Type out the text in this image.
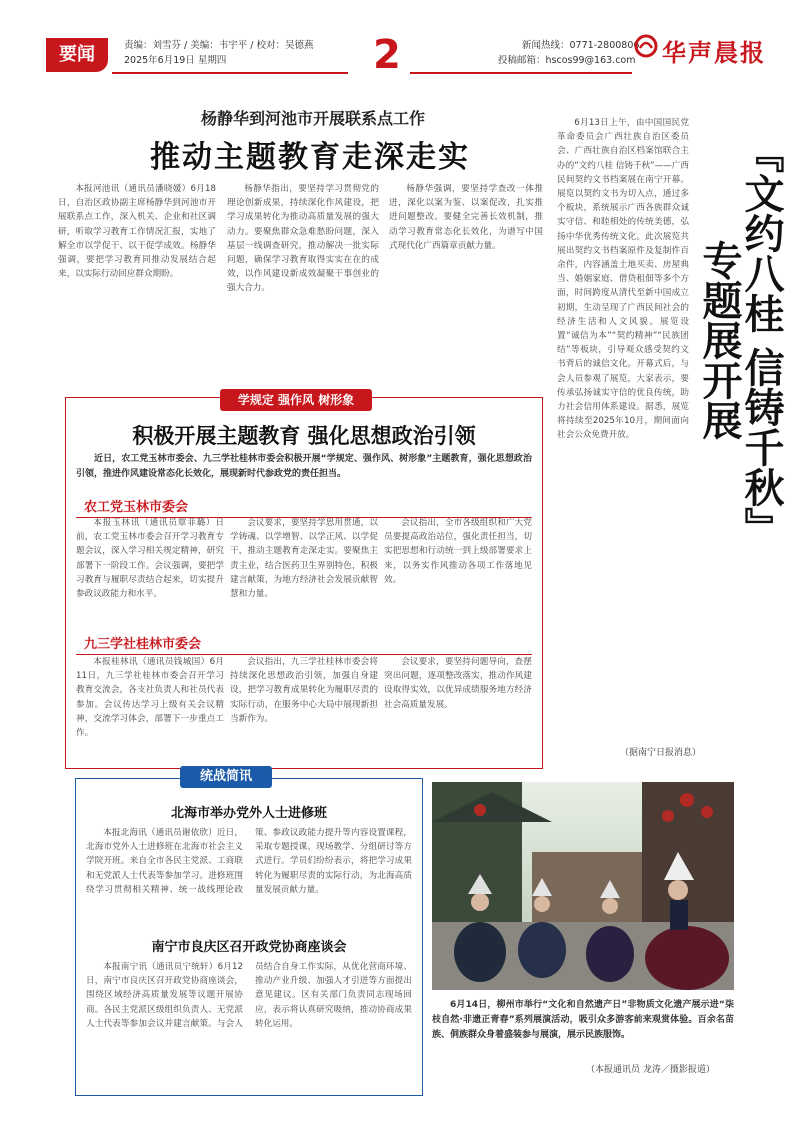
要闻	责编：刘雪芬 / 美编：韦宇平 / 校对：吴德燕
2025年6月19日 星期四	2	新闻热线：0771-2800806
投稿邮箱：hscos99@163.com 华声晨报
杨静华到河池市开展联系点工作
推动主题教育走深走实

本报河池讯（通讯员潘晓媛）6月18日，自治区政协副主席杨静华到河池市开展联系点工作，深入机关、企业和社区调研，听取学习教育工作情况汇报，实地了解全市以学促干、以干促学成效。杨静华强调，要把学习教育同推动发展结合起来，以实际行动回应群众期盼。

杨静华指出，要坚持学习贯彻党的理论创新成果，持续深化作风建设，把学习成果转化为推动高质量发展的强大动力。要聚焦群众急难愁盼问题，深入基层一线调查研究，推动解决一批实际问题，确保学习教育取得实实在在的成效，以作风建设新成效凝聚干事创业的强大合力。

杨静华强调，要坚持学查改一体推进，深化以案为鉴、以案促改，扎实推进问题整改。要健全完善长效机制，推动学习教育常态化长效化，为谱写中国式现代化广西篇章贡献力量。	『文约八桂 信铸千秋』专题展开展

6月13日上午，由中国国民党革命委员会广西壮族自治区委员会、广西壮族自治区档案馆联合主办的“文约八桂 信铸千秋”——广西民间契约文书档案展在南宁开幕。展览以契约文书为切入点，通过多个板块，系统展示广西各族群众诚实守信、和睦相处的传统美德，弘扬中华优秀传统文化。此次展览共展出契约文书档案原件及复制件百余件，内容涵盖土地买卖、房屋典当、婚姻家庭、借贷租佃等多个方面，时间跨度从清代至新中国成立初期，生动呈现了广西民间社会的经济生活和人文风貌。展览设置“诚信为本”“契约精神”“民族团结”等板块，引导观众感受契约文书背后的诚信文化。开幕式后，与会人员参观了展览，大家表示，要传承弘扬诚实守信的优良传统，助力社会信用体系建设。据悉，展览将持续至2025年10月，期间面向社会公众免费开放。

（据南宁日报消息）
学规定 强作风 树形象
积极开展主题教育 强化思想政治引领
近日，农工党玉林市委会、九三学社桂林市委会积极开展“学规定、强作风、树形象”主题教育，强化思想政治引领，推进作风建设常态化长效化，展现新时代参政党的责任担当。
农工党玉林市委会

本报玉林讯（通讯员覃菲璐）日前，农工党玉林市委会召开学习教育专题会议，深入学习相关规定精神，研究部署下一阶段工作。会议强调，要把学习教育与履职尽责结合起来，切实提升参政议政能力和水平。

会议要求，要坚持学思用贯通，以学铸魂、以学增智、以学正风、以学促干，推动主题教育走深走实。要聚焦主责主业，结合医药卫生界别特色，积极建言献策，为地方经济社会发展贡献智慧和力量。

会议指出，全市各级组织和广大党员要提高政治站位，强化责任担当，切实把思想和行动统一到上级部署要求上来，以务实作风推动各项工作落地见效。

九三学社桂林市委会

本报桂林讯（通讯员钱城国）6月11日，九三学社桂林市委会召开学习教育交流会，各支社负责人和社员代表参加。会议传达学习上级有关会议精神，交流学习体会，部署下一步重点工作。

会议指出，九三学社桂林市委会将持续深化思想政治引领，加强自身建设，把学习教育成果转化为履职尽责的实际行动，在服务中心大局中展现新担当新作为。

会议要求，要坚持问题导向，查摆突出问题，逐项整改落实，推动作风建设取得实效，以优异成绩服务地方经济社会高质量发展。

统战简讯
北海市举办党外人士进修班

本报北海讯（通讯员谢依欣）近日，北海市党外人士进修班在北海市社会主义学院开班。来自全市各民主党派、工商联和无党派人士代表等参加学习。进修班围绕学习贯彻相关精神、统一战线理论政策、参政议政能力提升等内容设置课程，采取专题授课、现场教学、分组研讨等方式进行。学员们纷纷表示，将把学习成果转化为履职尽责的实际行动，为北海高质量发展贡献力量。

南宁市良庆区召开政党协商座谈会

本报南宁讯（通讯员宁统轩）6月12日，南宁市良庆区召开政党协商座谈会，围绕区域经济高质量发展等议题开展协商。各民主党派区级组织负责人、无党派人士代表等参加会议并建言献策。与会人员结合自身工作实际，从优化营商环境、推动产业升级、加强人才引进等方面提出意见建议。区有关部门负责同志现场回应，表示将认真研究吸纳，推动协商成果转化运用。

6月14日，柳州市举行“文化和自然遗产日”非物质文化遗产展示进“柒枝自然·非遗正青春”系列展演活动，吸引众多游客前来观赏体验。百余名苗族、侗族群众身着盛装参与展演，展示民族服饰。
（本报通讯员 龙涛／摄影报道）
